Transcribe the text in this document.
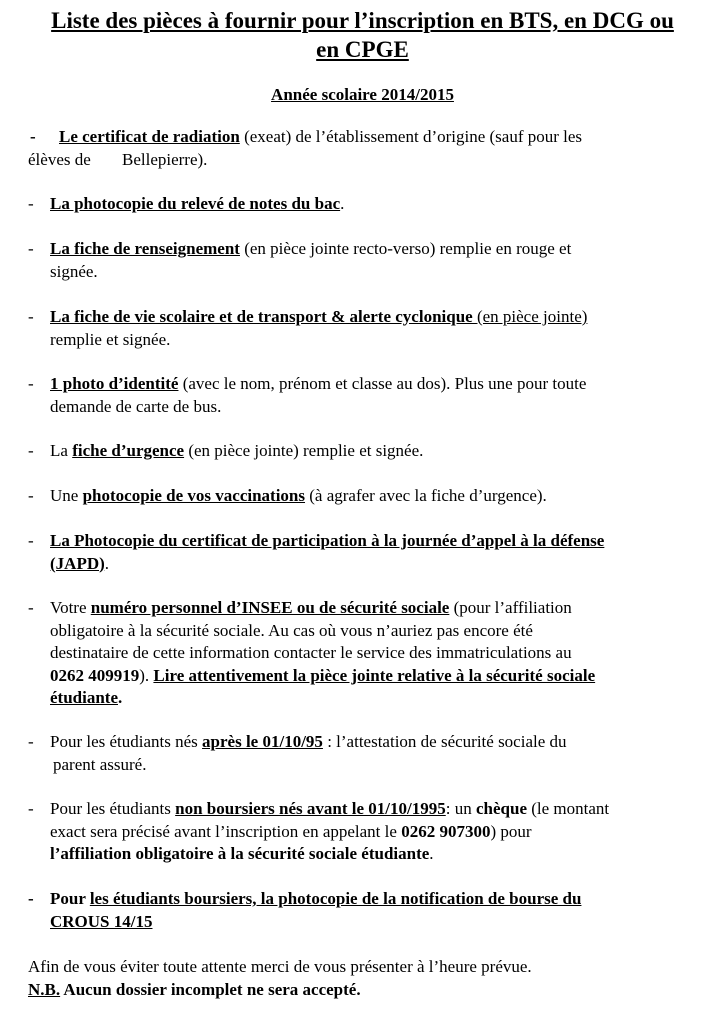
Liste des pièces à fournir pour l’inscription en BTS, en DCG ou
en CPGE
Année scolaire 2014/2015
- Le certificat de radiation (exeat) de l’établissement d’origine (sauf pour les
élèves de Bellepierre).
- La photocopie du relevé de notes du bac.
- La fiche de renseignement (en pièce jointe recto-verso) remplie en rouge et
signée.
- La fiche de vie scolaire et de transport & alerte cyclonique (en pièce jointe)
remplie et signée.
- 1 photo d’identité (avec le nom, prénom et classe au dos). Plus une pour toute
demande de carte de bus.
- La fiche d’urgence (en pièce jointe) remplie et signée.
- Une photocopie de vos vaccinations (à agrafer avec la fiche d’urgence).
- La Photocopie du certificat de participation à la journée d’appel à la défense
(JAPD).
- Votre numéro personnel d’INSEE ou de sécurité sociale (pour l’affiliation
obligatoire à la sécurité sociale. Au cas où vous n’auriez pas encore été
destinataire de cette information contacter le service des immatriculations au
0262 409919). Lire attentivement la pièce jointe relative à la sécurité sociale
étudiante.
- Pour les étudiants nés après le 01/10/95 : l’attestation de sécurité sociale du
parent assuré.
- Pour les étudiants non boursiers nés avant le 01/10/1995: un chèque (le montant
exact sera précisé avant l’inscription en appelant le 0262 907300) pour
l’affiliation obligatoire à la sécurité sociale étudiante.
- Pour les étudiants boursiers, la photocopie de la notification de bourse du
CROUS 14/15
Afin de vous éviter toute attente merci de vous présenter à l’heure prévue.
N.B. Aucun dossier incomplet ne sera accepté.
